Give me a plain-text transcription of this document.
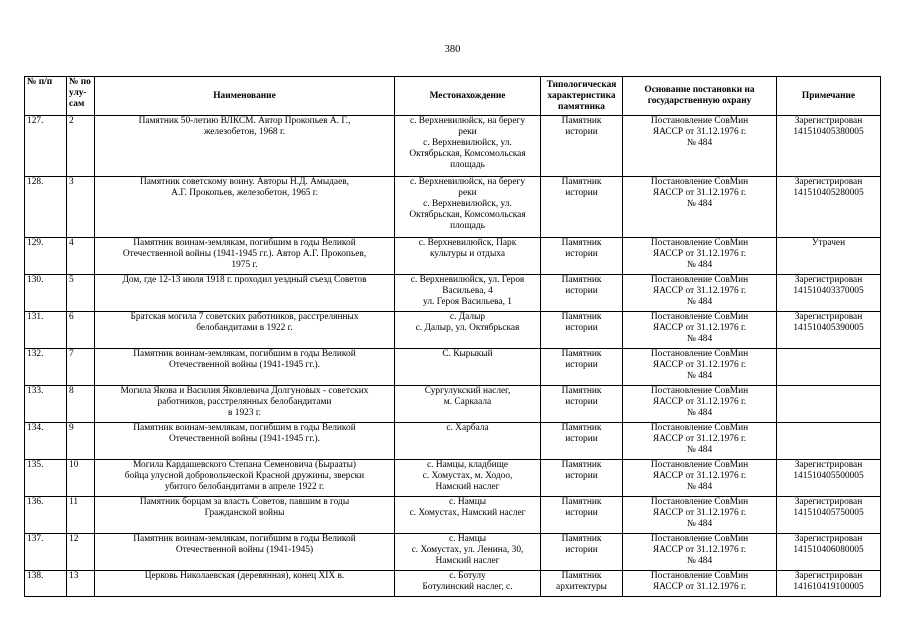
380
№ п/п	№ по
улу-
сам	Наименование	Местонахождение	Типологическая
характеристика
памятника	Основание постановки на
государственную охрану	Примечание

127.	2	Памятник 50-летию ВЛКСМ. Автор Прокопьев А. Г.,
железобетон, 1968 г.	с. Верхневилюйск, на берегу
реки
с. Верхневилюйск, ул.
Октябрьская, Комсомольская
площадь	Памятник
истории	Постановление СовМин
ЯАССР от 31.12.1976 г.
№ 484	Зарегистрирован
141510405380005

128.	3	Памятник советскому воину. Авторы Н.Д. Амыдаев,
А.Г. Прокопьев, железобетон, 1965 г.	с. Верхневилюйск, на берегу
реки
с. Верхневилюйск, ул.
Октябрьская, Комсомольская
площадь	Памятник
истории	Постановление СовМин
ЯАССР от 31.12.1976 г.
№ 484	Зарегистрирован
141510405280005

129.	4	Памятник воинам-землякам, погибшим в годы Великой
Отечественной войны (1941-1945 гг.). Автор А.Г. Прокопьев,
1975 г.	с. Верхневилюйск, Парк
культуры и отдыха	Памятник
истории	Постановление СовМин
ЯАССР от 31.12.1976 г.
№ 484	Утрачен

130.	5	Дом, где 12-13 июля 1918 г. проходил уездный съезд Советов	с. Верхневилюйск, ул. Героя
Васильева, 4
ул. Героя Васильева, 1	Памятник
истории	Постановление СовМин
ЯАССР от 31.12.1976 г.
№ 484	Зарегистрирован
141510403370005

131.	6	Братская могила 7 советских работников, расстрелянных
белобандитами в 1922 г.	с. Далыр
с. Далыр, ул. Октябрьская	Памятник
истории	Постановление СовМин
ЯАССР от 31.12.1976 г.
№ 484	Зарегистрирован
141510405390005

132.	7	Памятник воинам-землякам, погибшим в годы Великой
Отечественной войны (1941-1945 гг.).	С. Кырыкый	Памятник
истории	Постановление СовМин
ЯАССР от 31.12.1976 г.
№ 484	

133.	8	Могила Якова и Василия Яковлевича Долгуновых - советских
работников, расстрелянных белобандитами
в 1923 г.	Сургулукский наслег,
м. Саркаала	Памятник
истории	Постановление СовМин
ЯАССР от 31.12.1976 г.
№ 484	

134.	9	Памятник воинам-землякам, погибшим в годы Великой
Отечественной войны (1941-1945 гг.).	с. Харбала	Памятник
истории	Постановление СовМин
ЯАССР от 31.12.1976 г.
№ 484	

135.	10	Могила Кардашевского Степана Семеновича (Бырааты)
бойца улусной добровольческой Красной дружины, зверски
убитого белобандитами в апреле 1922 г.	с. Намцы, кладбище
с. Хомустах, м. Ходоо,
Намский наслег	Памятник
истории	Постановление СовМин
ЯАССР от 31.12.1976 г.
№ 484	Зарегистрирован
141510405500005

136.	11	Памятник борцам за власть Советов, павшим в годы
Гражданской войны	с. Намцы
с. Хомустах, Намский наслег	Памятник
истории	Постановление СовМин
ЯАССР от 31.12.1976 г.
№ 484	Зарегистрирован
141510405750005

137.	12	Памятник воинам-землякам, погибшим в годы Великой
Отечественной войны (1941-1945)	с. Намцы
с. Хомустах, ул. Ленина, 30,
Намский наслег	Памятник
истории	Постановление СовМин
ЯАССР от 31.12.1976 г.
№ 484	Зарегистрирован
141510406080005

138.	13	Церковь Николаевская (деревянная), конец XIX в.	с. Ботулу
Ботулинский наслег, с.	Памятник
архитектуры	Постановление СовМин
ЯАССР от 31.12.1976 г.	Зарегистрирован
141610419100005
